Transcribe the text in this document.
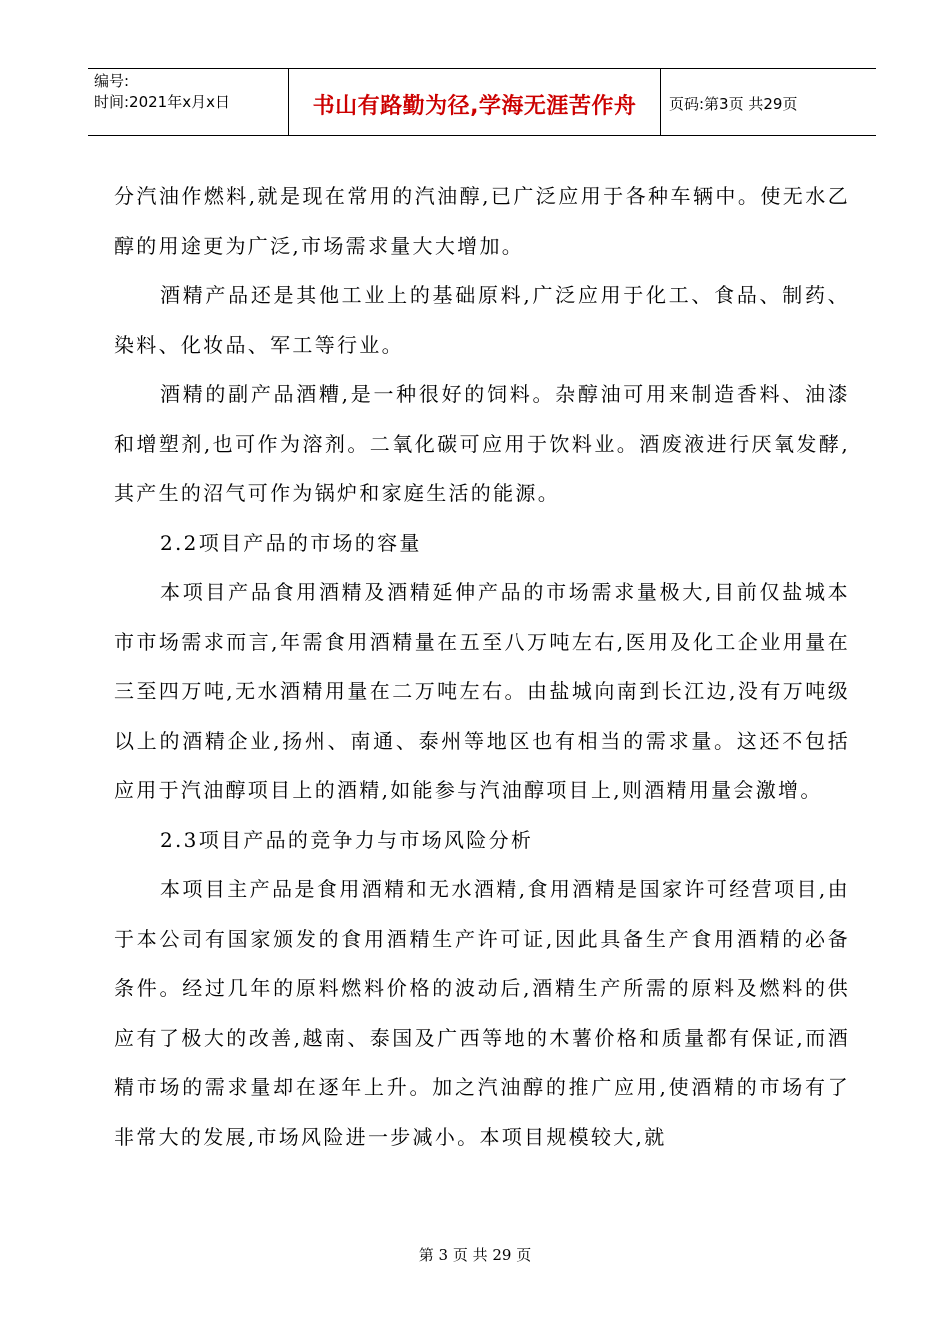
编号:
时间:2021年x月x日	书山有路勤为径,学海无涯苦作舟	页码:第3页 共29页

分汽油作燃料,就是现在常用的汽油醇,已广泛应用于各种车辆中。使无水乙醇的用途更为广泛,市场需求量大大增加。

酒精产品还是其他工业上的基础原料,广泛应用于化工、食品、制药、染料、化妆品、军工等行业。

酒精的副产品酒糟,是一种很好的饲料。杂醇油可用来制造香料、油漆和增塑剂,也可作为溶剂。二氧化碳可应用于饮料业。酒废液进行厌氧发酵,其产生的沼气可作为锅炉和家庭生活的能源。

2.2项目产品的市场的容量

本项目产品食用酒精及酒精延伸产品的市场需求量极大,目前仅盐城本市市场需求而言,年需食用酒精量在五至八万吨左右,医用及化工企业用量在三至四万吨,无水酒精用量在二万吨左右。由盐城向南到长江边,没有万吨级以上的酒精企业,扬州、南通、泰州等地区也有相当的需求量。这还不包括应用于汽油醇项目上的酒精,如能参与汽油醇项目上,则酒精用量会激增。

2.3项目产品的竞争力与市场风险分析

本项目主产品是食用酒精和无水酒精,食用酒精是国家许可经营项目,由于本公司有国家颁发的食用酒精生产许可证,因此具备生产食用酒精的必备条件。经过几年的原料燃料价格的波动后,酒精生产所需的原料及燃料的供应有了极大的改善,越南、泰国及广西等地的木薯价格和质量都有保证,而酒精市场的需求量却在逐年上升。加之汽油醇的推广应用,使酒精的市场有了非常大的发展,市场风险进一步减小。本项目规模较大,就

第 3 页 共 29 页
